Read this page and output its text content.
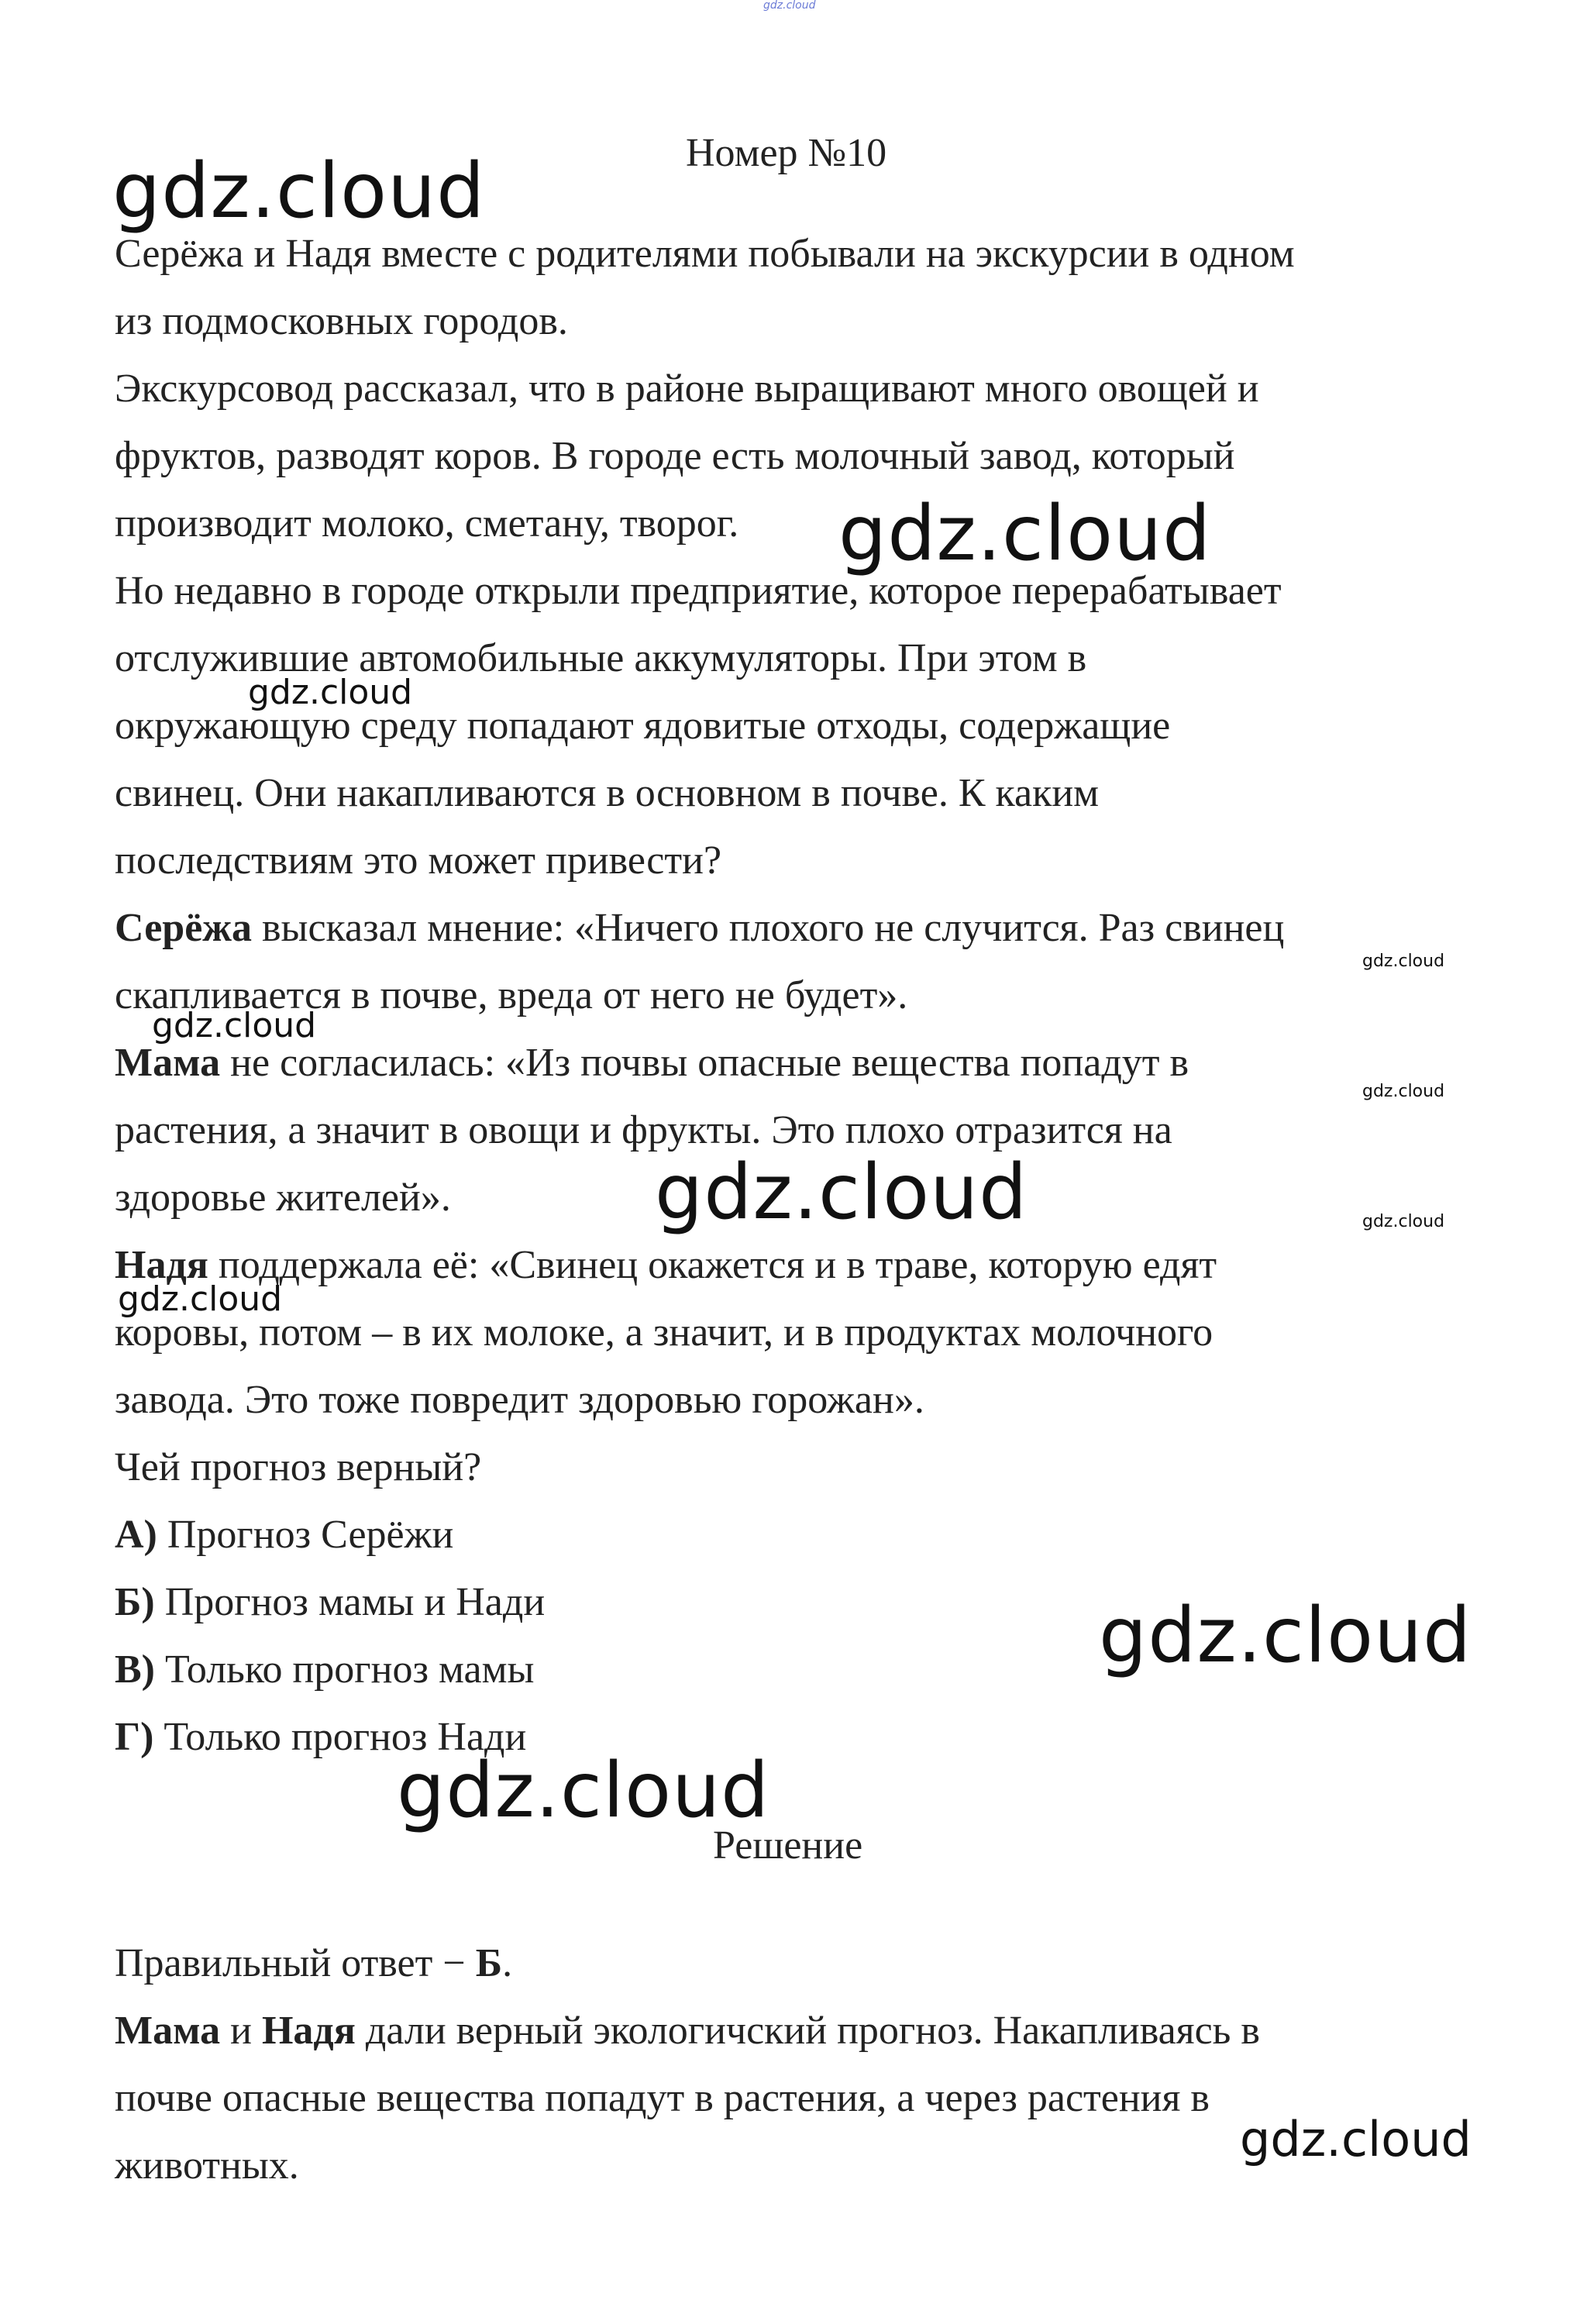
gdz.cloud
Номер №10

Серёжа и Надя вместе с родителями побывали на экскурсии в одном

из подмосковных городов.

Экскурсовод рассказал, что в районе выращивают много овощей и

фруктов, разводят коров. В городе есть молочный завод, который

производит молоко, сметану, творог.

Но недавно в городе открыли предприятие, которое перерабатывает

отслужившие автомобильные аккумуляторы. При этом в

окружающую среду попадают ядовитые отходы, содержащие

свинец. Они накапливаются в основном в почве. К каким

последствиям это может привести?

Серёжа высказал мнение: «Ничего плохого не случится. Раз свинец

скапливается в почве, вреда от него не будет».

Мама не согласилась: «Из почвы опасные вещества попадут в

растения, а значит в овощи и фрукты. Это плохо отразится на

здоровье жителей».

Надя поддержала её: «Свинец окажется и в траве, которую едят

коровы, потом – в их молоке, а значит, и в продуктах молочного

завода. Это тоже повредит здоровью горожан».

Чей прогноз верный?

А) Прогноз Серёжи

Б) Прогноз мамы и Нади

В) Только прогноз мамы

Г) Только прогноз Нади

Решение

Правильный ответ − Б.

Мама и Надя дали верный экологичский прогноз. Накапливаясь в

почве опасные вещества попадут в растения, а через растения в

животных.

gdz.cloud
gdz.cloud
gdz.cloud
gdz.cloud
gdz.cloud
gdz.cloud
gdz.cloud	gdz.cloud
gdz.cloud
gdz.cloud
gdz.cloud
gdz.cloud
